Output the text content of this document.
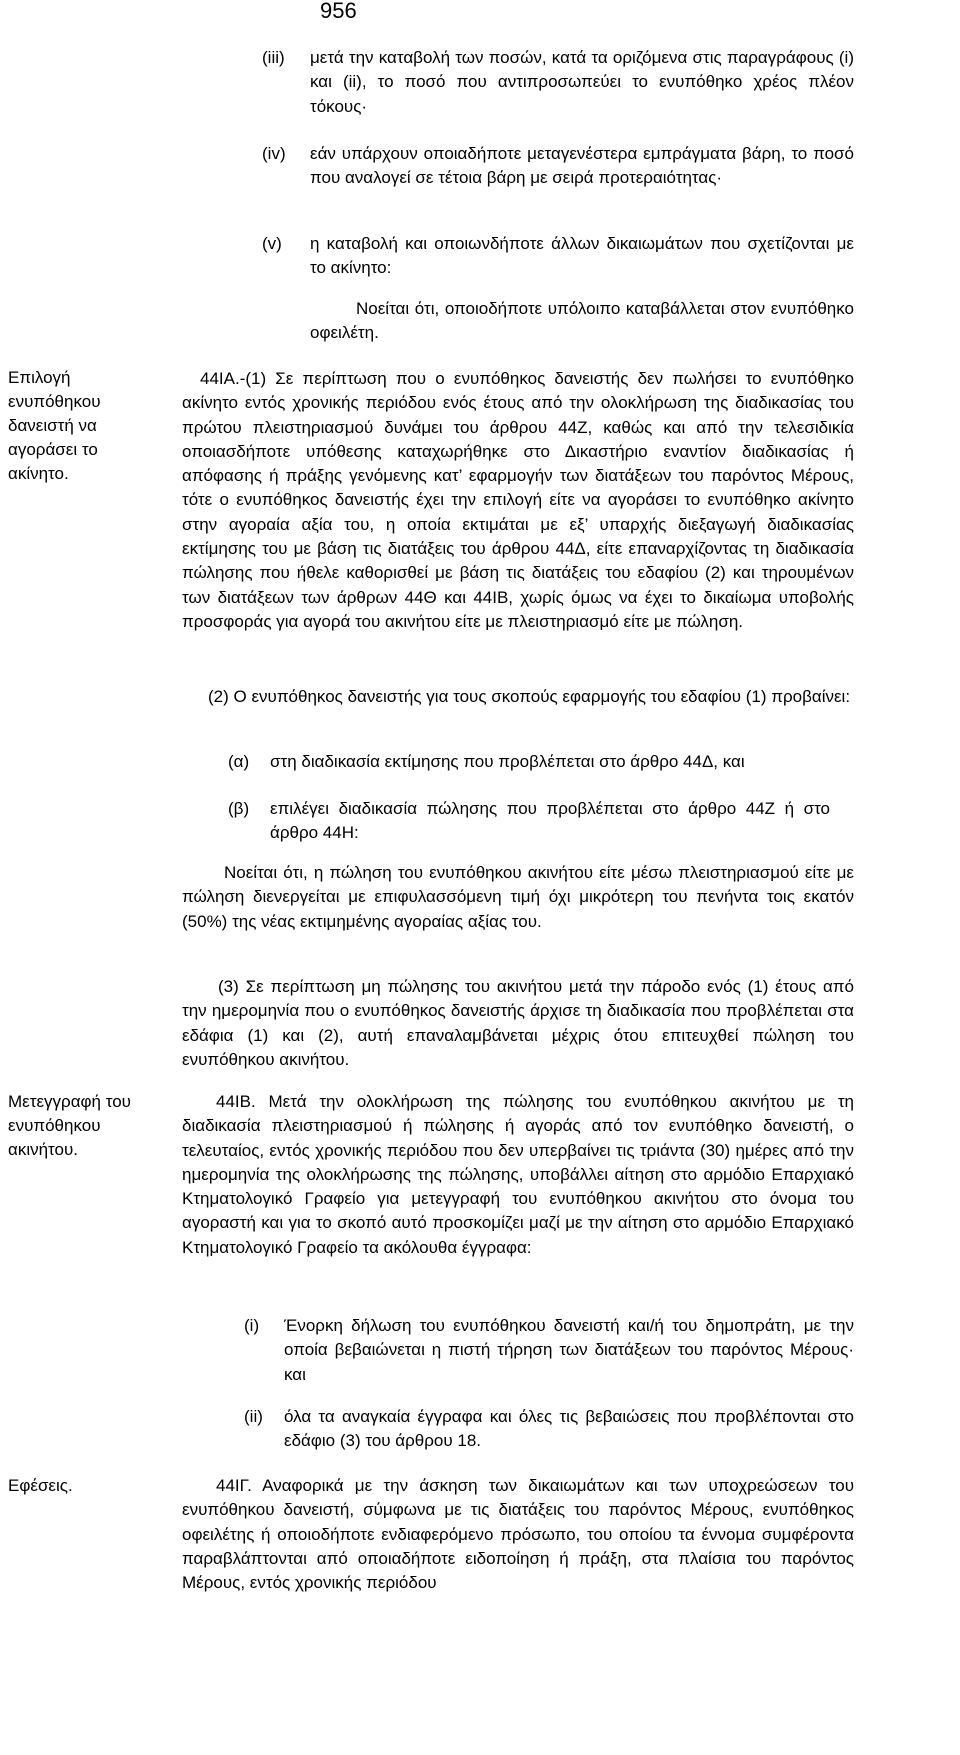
956
(iii) μετά την καταβολή των ποσών, κατά τα οριζόμενα στις παραγράφους (i) και (ii), το ποσό που αντιπροσωπεύει το ενυπόθηκο χρέος πλέον τόκους·
(iv) εάν υπάρχουν οποιαδήποτε μεταγενέστερα εμπράγματα βάρη, το ποσό που αναλογεί σε τέτοια βάρη με σειρά προτεραιότητας·
(v) η καταβολή και οποιωνδήποτε άλλων δικαιωμάτων που σχετίζονται με το ακίνητο:
Νοείται ότι, οποιοδήποτε υπόλοιπο καταβάλλεται στον ενυπόθηκο οφειλέτη.
Επιλογή ενυπόθηκου δανειστή να αγοράσει το ακίνητο.
44ΙΑ.-(1) Σε περίπτωση που ο ενυπόθηκος δανειστής δεν πωλήσει το ενυπόθηκο ακίνητο εντός χρονικής περιόδου ενός έτους από την ολοκλήρωση της διαδικασίας του πρώτου πλειστηριασμού δυνάμει του άρθρου 44Ζ, καθώς και από την τελεσιδικία οποιασδήποτε υπόθεσης καταχωρήθηκε στο Δικαστήριο εναντίον διαδικασίας ή απόφασης ή πράξης γενόμενης κατ’ εφαρμογήν των διατάξεων του παρόντος Μέρους, τότε ο ενυπόθηκος δανειστής έχει την επιλογή είτε να αγοράσει το ενυπόθηκο ακίνητο στην αγοραία αξία του, η οποία εκτιμάται με εξ’ υπαρχής διεξαγωγή διαδικασίας εκτίμησης του με βάση τις διατάξεις του άρθρου 44Δ, είτε επαναρχίζοντας τη διαδικασία πώλησης που ήθελε καθορισθεί με βάση τις διατάξεις του εδαφίου (2) και τηρουμένων των διατάξεων των άρθρων 44Θ και 44ΙΒ, χωρίς όμως να έχει το δικαίωμα υποβολής προσφοράς για αγορά του ακινήτου είτε με πλειστηριασμό είτε με πώληση.
(2) Ο ενυπόθηκος δανειστής για τους σκοπούς εφαρμογής του εδαφίου (1) προβαίνει:
(α) στη διαδικασία εκτίμησης που προβλέπεται στο άρθρο 44Δ, και
(β) επιλέγει διαδικασία πώλησης που προβλέπεται στο άρθρο 44Ζ ή στο άρθρο 44Η:
Νοείται ότι, η πώληση του ενυπόθηκου ακινήτου είτε μέσω πλειστηριασμού είτε με πώληση διενεργείται με επιφυλασσόμενη τιμή όχι μικρότερη του πενήντα τοις εκατόν (50%) της νέας εκτιμημένης αγοραίας αξίας του.
(3) Σε περίπτωση μη πώλησης του ακινήτου μετά την πάροδο ενός (1) έτους από την ημερομηνία που ο ενυπόθηκος δανειστής άρχισε τη διαδικασία που προβλέπεται στα εδάφια (1) και (2), αυτή επαναλαμβάνεται μέχρις ότου επιτευχθεί πώληση του ενυπόθηκου ακινήτου.
Μετεγγραφή του ενυπόθηκου ακινήτου.
44ΙΒ. Μετά την ολοκλήρωση της πώλησης του ενυπόθηκου ακινήτου με τη διαδικασία πλειστηριασμού ή πώλησης ή αγοράς από τον ενυπόθηκο δανειστή, ο τελευταίος, εντός χρονικής περιόδου που δεν υπερβαίνει τις τριάντα (30) ημέρες από την ημερομηνία της ολοκλήρωσης της πώλησης, υποβάλλει αίτηση στο αρμόδιο Επαρχιακό Κτηματολογικό Γραφείο για μετεγγραφή του ενυπόθηκου ακινήτου στο όνομα του αγοραστή και για το σκοπό αυτό προσκομίζει μαζί με την αίτηση στο αρμόδιο Επαρχιακό Κτηματολογικό Γραφείο τα ακόλουθα έγγραφα:
(i) Ένορκη δήλωση του ενυπόθηκου δανειστή και/ή του δημοπράτη, με την οποία βεβαιώνεται η πιστή τήρηση των διατάξεων του παρόντος Μέρους· και
(ii) όλα τα αναγκαία έγγραφα και όλες τις βεβαιώσεις που προβλέπονται στο εδάφιο (3) του άρθρου 18.
Εφέσεις.	44ΙΓ. Αναφορικά με την άσκηση των δικαιωμάτων και των υποχρεώσεων του ενυπόθηκου δανειστή, σύμφωνα με τις διατάξεις του παρόντος Μέρους, ενυπόθηκος οφειλέτης ή οποιοδήποτε ενδιαφερόμενο πρόσωπο, του οποίου τα έννομα συμφέροντα παραβλάπτονται από οποιαδήποτε ειδοποίηση ή πράξη, στα πλαίσια του παρόντος Μέρους, εντός χρονικής περιόδου
